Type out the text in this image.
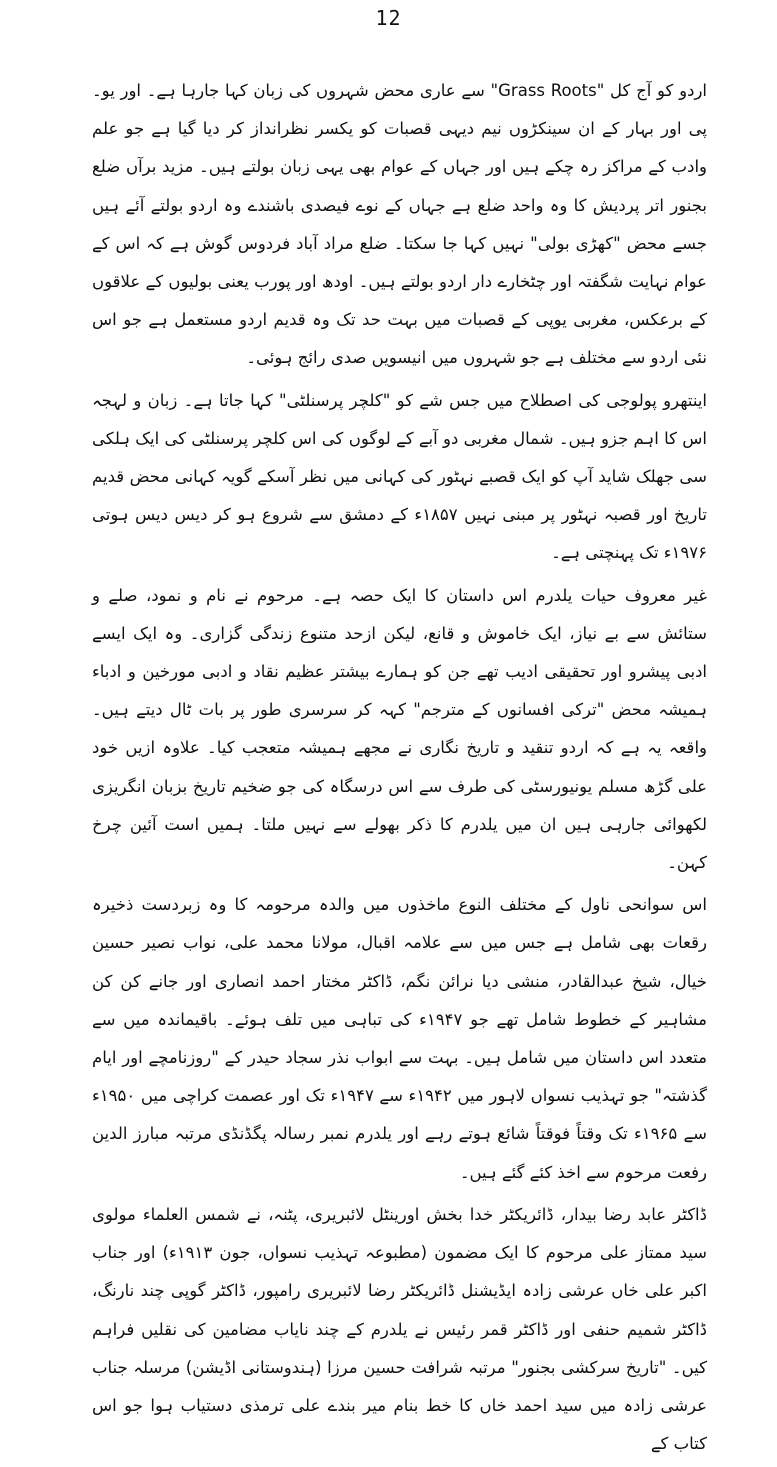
12

اردو کو آج کل "Grass Roots" سے عاری محض شہروں کی زبان کہا جارہا ہے۔ اور یو۔ پی اور بہار کے ان سینکڑوں نیم دیہی قصبات کو یکسر نظرانداز کر دیا گیا ہے جو علم وادب کے مراکز رہ چکے ہیں اور جہاں کے عوام بھی یہی زبان بولتے ہیں۔ مزید برآں ضلع بجنور اتر پردیش کا وہ واحد ضلع ہے جہاں کے نوے فیصدی باشندے وہ اردو بولتے آئے ہیں جسے محض "کھڑی بولی" نہیں کہا جا سکتا۔ ضلع مراد آباد فردوس گوش ہے کہ اس کے عوام نہایت شگفتہ اور چٹخارے دار اردو بولتے ہیں۔ اودھ اور پورب یعنی بولیوں کے علاقوں کے برعکس، مغربی یوپی کے قصبات میں بہت حد تک وہ قدیم اردو مستعمل ہے جو اس نئی اردو سے مختلف ہے جو شہروں میں انیسویں صدی رائج ہوئی۔

اینتھرو پولوجی کی اصطلاح میں جس شے کو "کلچر پرسنلٹی" کہا جاتا ہے۔ زبان و لہجہ اس کا اہم جزو ہیں۔ شمال مغربی دو آبے کے لوگوں کی اس کلچر پرسنلٹی کی ایک ہلکی سی جھلک شاید آپ کو ایک قصبے نہٹور کی کہانی میں نظر آسکے گویہ کہانی محض قدیم تاریخ اور قصبہ نہٹور پر مبنی نہیں ۱۸۵۷ء کے دمشق سے شروع ہو کر دیس دیس ہوتی ۱۹۷۶ء تک پہنچتی ہے۔

غیر معروف حیات یلدرم اس داستان کا ایک حصہ ہے۔ مرحوم نے نام و نمود، صلے و ستائش سے بے نیاز، ایک خاموش و قانع، لیکن ازحد متنوع زندگی گزاری۔ وہ ایک ایسے ادبی پیشرو اور تحقیقی ادیب تھے جن کو ہمارے بیشتر عظیم نقاد و ادبی مورخین و ادباء ہمیشہ محض "ترکی افسانوں کے مترجم" کہہ کر سرسری طور پر بات ٹال دیتے ہیں۔ واقعہ یہ ہے کہ اردو تنقید و تاریخ نگاری نے مجھے ہمیشہ متعجب کیا۔ علاوہ ازیں خود علی گڑھ مسلم یونیورسٹی کی طرف سے اس درسگاہ کی جو ضخیم تاریخ بزبان انگریزی لکھوائی جارہی ہیں ان میں یلدرم کا ذکر بھولے سے نہیں ملتا۔ ہمیں است آئین چرخ کہن۔

اس سوانحی ناول کے مختلف النوع ماخذوں میں والدہ مرحومہ کا وہ زبردست ذخیرہ رقعات بھی شامل ہے جس میں سے علامہ اقبال، مولانا محمد علی، نواب نصیر حسین خیال، شیخ عبدالقادر، منشی دیا نرائن نگم، ڈاکٹر مختار احمد انصاری اور جانے کن کن مشاہیر کے خطوط شامل تھے جو ۱۹۴۷ء کی تباہی میں تلف ہوئے۔ باقیماندہ میں سے متعدد اس داستان میں شامل ہیں۔ بہت سے ابواب نذر سجاد حیدر کے "روزنامچے اور ایام گذشتہ" جو تہذیب نسواں لاہور میں ۱۹۴۲ء سے ۱۹۴۷ء تک اور عصمت کراچی میں ۱۹۵۰ء سے ۱۹۶۵ء تک وقتاً فوقتاً شائع ہوتے رہے اور یلدرم نمبر رسالہ پگڈنڈی مرتبہ مبارز الدین رفعت مرحوم سے اخذ کئے گئے ہیں۔

ڈاکٹر عابد رضا بیدار، ڈائریکٹر خدا بخش اورینٹل لائبریری، پٹنہ، نے شمس العلماء مولوی سید ممتاز علی مرحوم کا ایک مضمون (مطبوعہ تہذیب نسواں، جون ۱۹۱۳ء) اور جناب اکبر علی خاں عرشی زادہ ایڈیشنل ڈائریکٹر رضا لائبریری رامپور، ڈاکٹر گوپی چند نارنگ، ڈاکٹر شمیم حنفی اور ڈاکٹر قمر رئیس نے یلدرم کے چند نایاب مضامین کی نقلیں فراہم کیں۔ "تاریخ سرکشی بجنور" مرتبہ شرافت حسین مرزا (ہندوستانی اڈیشن) مرسلہ جناب عرشی زادہ میں سید احمد خاں کا خط بنام میر بندے علی ترمذی دستیاب ہوا جو اس کتاب کے
